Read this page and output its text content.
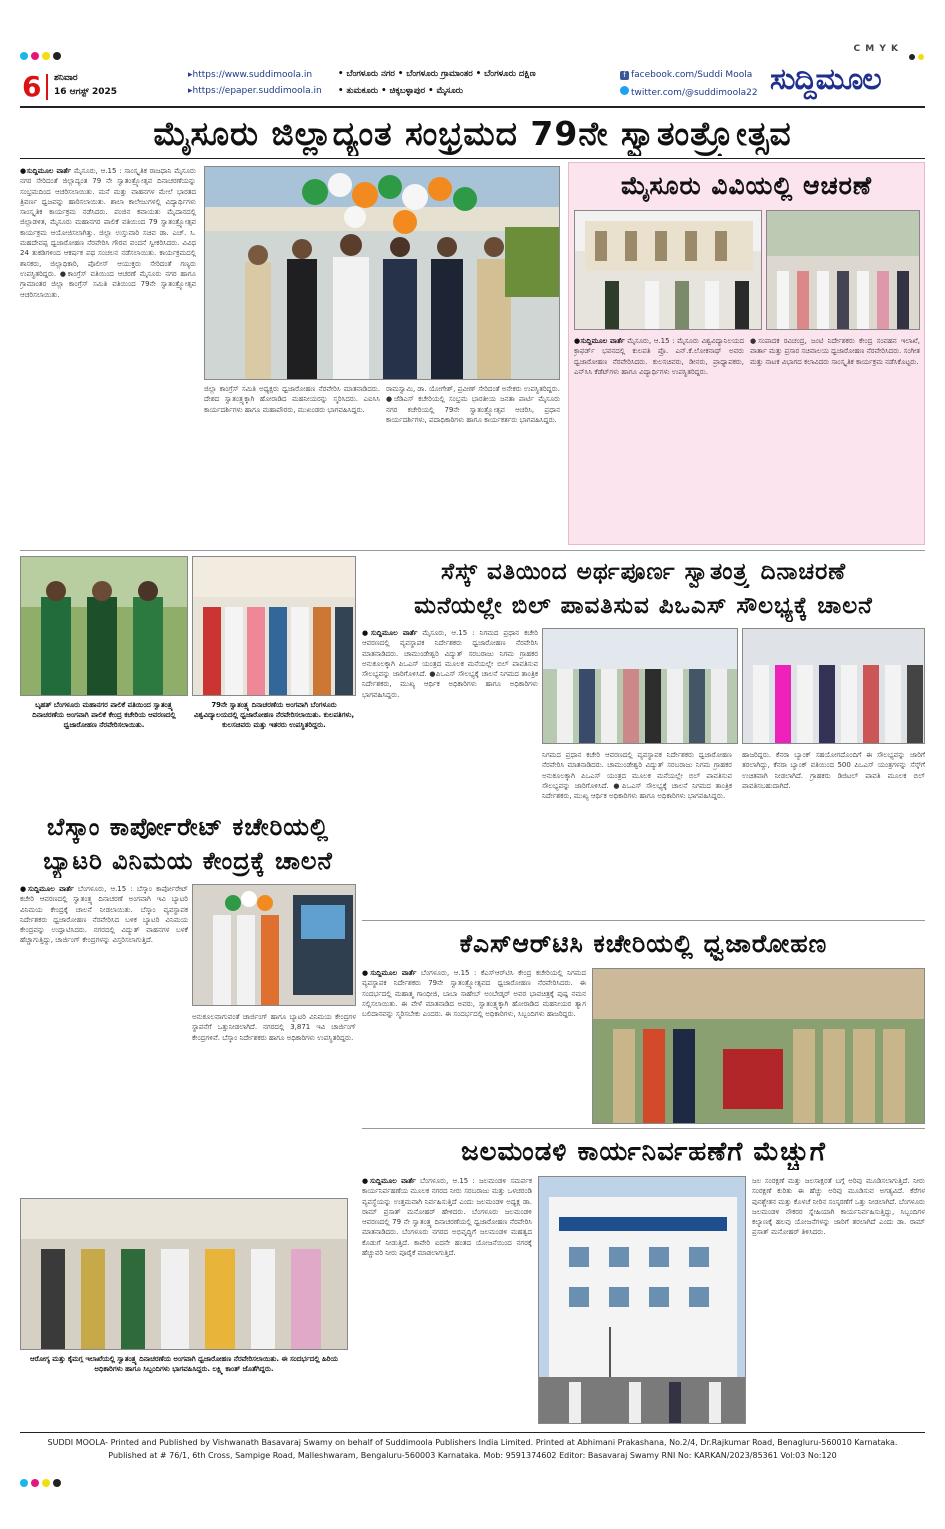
C M Y K
6 ಶನಿವಾರ
16 ಆಗಸ್ಟ್ 2025
▸https://www.suddimoola.in
▸https://epaper.suddimoola.in
• ಬೆಂಗಳೂರು ನಗರ • ಬೆಂಗಳೂರು ಗ್ರಾಮಾಂತರ • ಬೆಂಗಳೂರು ದಕ್ಷಿಣ
• ತುಮಕೂರು • ಚಿಕ್ಕಬಳ್ಳಾಪುರ • ಮೈಸೂರು
f facebook.com/Suddi Moola
twitter.com/@suddimoola22 ಸುದ್ದಿಮೂಲ
ಮೈಸೂರು ಜಿಲ್ಲಾದ್ಯಂತ ಸಂಭ್ರಮದ 79ನೇ ಸ್ವಾತಂತ್ರ್ಯೋತ್ಸವ
●ಸುದ್ದಿಮೂಲ ವಾರ್ತೆ ಮೈಸೂರು, ಆ.15 : ಸಾಂಸ್ಕೃತಿಕ ರಾಜಧಾನಿ ಮೈಸೂರು ನಗರ ಸೇರಿದಂತೆ ಜಿಲ್ಲಾದ್ಯಂತ 79 ನೇ ಸ್ವಾತಂತ್ರ್ಯೋತ್ಸವ ದಿನಾಚರಣೆಯನ್ನು ಸಂಭ್ರಮದಿಂದ ಆಚರಿಸಲಾಯಿತು. ಮನೆ ಮತ್ತು ವಾಹನಗಳ ಮೇಲೆ ಭಾರತದ ತ್ರಿವರ್ಣ ಧ್ವಜವನ್ನು ಹಾರಿಸಲಾಯಿತು. ಶಾಲಾ ಕಾಲೇಜುಗಳಲ್ಲಿ ವಿದ್ಯಾರ್ಥಿಗಳು ಸಾಂಸ್ಕೃತಿಕ ಕಾರ್ಯಕ್ರಮ ನಡೆಸಿದರು. ಪಂಜಿನ ಕವಾಯತು ಮೈದಾನದಲ್ಲಿ ಜಿಲ್ಲಾಡಳಿತ, ಮೈಸೂರು ಮಹಾನಗರ ಪಾಲಿಕೆ ವತಿಯಿಂದ 79 ಸ್ವಾತಂತ್ರ್ಯೋತ್ಸವ ಕಾರ್ಯಕ್ರಮ ಆಯೋಜಿಸಲಾಗಿತ್ತು. ಜಿಲ್ಲಾ ಉಸ್ತುವಾರಿ ಸಚಿವ ಡಾ. ಎಚ್. ಸಿ. ಮಹದೇವಪ್ಪ ಧ್ವಜಾರೋಹಣ ನೆರವೇರಿಸಿ ಗೌರವ ವಂದನೆ ಸ್ವೀಕರಿಸಿದರು. ವಿವಿಧ 24 ತುಕಡಿಗಳಿಂದ ಆಕರ್ಷಕ ಪಥ ಸಂಚಲನ ನಡೆಸಲಾಯಿತು. ಕಾರ್ಯಕ್ರಮದಲ್ಲಿ ಶಾಸಕರು, ಜಿಲ್ಲಾಧಿಕಾರಿ, ಪೊಲೀಸ್ ಆಯುಕ್ತರು ಸೇರಿದಂತೆ ಗಣ್ಯರು ಉಪಸ್ಥಿತರಿದ್ದರು. ●ಕಾಂಗ್ರೆಸ್ ವತಿಯಿಂದ ಆಚರಣೆ ಮೈಸೂರು ನಗರ ಹಾಗೂ ಗ್ರಾಮಾಂತರ ಜಿಲ್ಲಾ ಕಾಂಗ್ರೆಸ್ ಸಮಿತಿ ವತಿಯಿಂದ 79ನೇ ಸ್ವಾತಂತ್ರ್ಯೋತ್ಸವ ಆಚರಿಸಲಾಯಿತು.
ಜಿಲ್ಲಾ ಕಾಂಗ್ರೆಸ್ ಸಮಿತಿ ಅಧ್ಯಕ್ಷರು ಧ್ವಜಾರೋಹಣ ನೆರವೇರಿಸಿ ಮಾತನಾಡಿದರು. ದೇಶದ ಸ್ವಾತಂತ್ರ್ಯಕ್ಕಾಗಿ ಹೋರಾಡಿದ ಮಹನೀಯರನ್ನು ಸ್ಮರಿಸಿದರು. ಎಐಸಿಸಿ ಕಾರ್ಯದರ್ಶಿಗಳು ಹಾಗೂ ಮಹಾಪೌರರು, ಮುಖಂಡರು ಭಾಗವಹಿಸಿದ್ದರು.
ರಾಮಸ್ವಾಮಿ, ಡಾ. ಯೋಗೇಶ್, ಪ್ರವೀಣ್ ಸೇರಿದಂತೆ ಅನೇಕರು ಉಪಸ್ಥಿತರಿದ್ದರು. ●ಜೆಡಿಎಸ್ ಕಚೇರಿಯಲ್ಲಿ ಸಂಭ್ರಮ ಭಾರತೀಯ ಜನತಾ ಪಾರ್ಟಿ ಮೈಸೂರು ನಗರ ಕಚೇರಿಯಲ್ಲಿ 79ನೇ ಸ್ವಾತಂತ್ರ್ಯೋತ್ಸವ ಆಚರಿಸಿ, ಪ್ರಧಾನ ಕಾರ್ಯದರ್ಶಿಗಳು, ಪದಾಧಿಕಾರಿಗಳು ಹಾಗೂ ಕಾರ್ಯಕರ್ತರು ಭಾಗವಹಿಸಿದ್ದರು.
ಮೈಸೂರು ವಿವಿಯಲ್ಲಿ ಆಚರಣೆ
●ಸುದ್ದಿಮೂಲ ವಾರ್ತೆ ಮೈಸೂರು, ಆ.15 : ಮೈಸೂರು ವಿಶ್ವವಿದ್ಯಾನಿಲಯದ ಕ್ರಾಫರ್ಡ್ ಭವನದಲ್ಲಿ ಕುಲಪತಿ ಪ್ರೊ. ಎನ್.ಕೆ.ಲೋಕನಾಥ್ ಅವರು ಧ್ವಜಾರೋಹಣ ನೆರವೇರಿಸಿದರು. ಕುಲಸಚಿವರು, ಡೀನರು, ಪ್ರಾಧ್ಯಾಪಕರು, ಎನ್‌ಸಿಸಿ ಕೆಡೆಟ್‌ಗಳು ಹಾಗೂ ವಿದ್ಯಾರ್ಥಿಗಳು ಉಪಸ್ಥಿತರಿದ್ದರು.
●ಸಂಪಾದಕ ರವಿಚಂದ್ರ, ಜಂಟಿ ನಿರ್ದೇಶಕರು ಕೇಂದ್ರ ಸಂವಹನ ಇಲಾಖೆ, ವಾರ್ತಾ ಮತ್ತು ಪ್ರಸಾರ ಸಚಿವಾಲಯ ಧ್ವಜಾರೋಹಣ ನೆರವೇರಿಸಿದರು. ಸಂಗೀತ ಮತ್ತು ನಾಟಕ ವಿಭಾಗದ ಕಲಾವಿದರು ಸಾಂಸ್ಕೃತಿಕ ಕಾರ್ಯಕ್ರಮ ನಡೆಸಿಕೊಟ್ಟರು.
ಬೃಹತ್ ಬೆಂಗಳೂರು ಮಹಾನಗರ ಪಾಲಿಕೆ ವತಿಯಿಂದ ಸ್ವಾತಂತ್ರ್ಯ ದಿನಾಚರಣೆಯ ಅಂಗವಾಗಿ ಪಾಲಿಕೆ ಕೇಂದ್ರ ಕಚೇರಿಯ ಆವರಣದಲ್ಲಿ ಧ್ವಜಾರೋಹಣ ನೆರವೇರಿಸಲಾಯಿತು.
79ನೇ ಸ್ವಾತಂತ್ರ್ಯ ದಿನಾಚರಣೆಯ ಅಂಗವಾಗಿ ಬೆಂಗಳೂರು ವಿಶ್ವವಿದ್ಯಾಲಯದಲ್ಲಿ ಧ್ವಜಾರೋಹಣ ನೆರವೇರಿಸಲಾಯಿತು. ಕುಲಪತಿಗಳು, ಕುಲಸಚಿವರು ಮತ್ತು ಇತರರು ಉಪಸ್ಥಿತರಿದ್ದರು.
ಸೆಸ್ಕ್ ವತಿಯಿಂದ ಅರ್ಥಪೂರ್ಣ ಸ್ವಾತಂತ್ರ್ಯ ದಿನಾಚರಣೆ
ಮನೆಯಲ್ಲೇ ಬಿಲ್ ಪಾವತಿಸುವ ಪಿಒಎಸ್ ಸೌಲಭ್ಯಕ್ಕೆ ಚಾಲನೆ
●ಸುದ್ದಿಮೂಲ ವಾರ್ತೆ ಮೈಸೂರು, ಆ.15 : ನಿಗಮದ ಪ್ರಧಾನ ಕಚೇರಿ ಆವರಣದಲ್ಲಿ ವ್ಯವಸ್ಥಾಪಕ ನಿರ್ದೇಶಕರು ಧ್ವಜಾರೋಹಣ ನೆರವೇರಿಸಿ ಮಾತನಾಡಿದರು. ಚಾಮುಂಡೇಶ್ವರಿ ವಿದ್ಯುತ್ ಸರಬರಾಜು ನಿಗಮ ಗ್ರಾಹಕರ ಅನುಕೂಲಕ್ಕಾಗಿ ಪಿಒಎಸ್ ಯಂತ್ರದ ಮೂಲಕ ಮನೆಯಲ್ಲೇ ಬಿಲ್ ಪಾವತಿಸುವ ಸೌಲಭ್ಯವನ್ನು ಜಾರಿಗೊಳಿಸಿದೆ. ●ಪಿಒಎಸ್ ಸೌಲಭ್ಯಕ್ಕೆ ಚಾಲನೆ ನಿಗಮದ ತಾಂತ್ರಿಕ ನಿರ್ದೇಶಕರು, ಮುಖ್ಯ ಆರ್ಥಿಕ ಅಧಿಕಾರಿಗಳು ಹಾಗೂ ಅಧಿಕಾರಿಗಳು ಭಾಗವಹಿಸಿದ್ದರು.
ನಿಗಮದ ಪ್ರಧಾನ ಕಚೇರಿ ಆವರಣದಲ್ಲಿ ವ್ಯವಸ್ಥಾಪಕ ನಿರ್ದೇಶಕರು ಧ್ವಜಾರೋಹಣ ನೆರವೇರಿಸಿ ಮಾತನಾಡಿದರು. ಚಾಮುಂಡೇಶ್ವರಿ ವಿದ್ಯುತ್ ಸರಬರಾಜು ನಿಗಮ ಗ್ರಾಹಕರ ಅನುಕೂಲಕ್ಕಾಗಿ ಪಿಒಎಸ್ ಯಂತ್ರದ ಮೂಲಕ ಮನೆಯಲ್ಲೇ ಬಿಲ್ ಪಾವತಿಸುವ ಸೌಲಭ್ಯವನ್ನು ಜಾರಿಗೊಳಿಸಿದೆ. ●ಪಿಒಎಸ್ ಸೌಲಭ್ಯಕ್ಕೆ ಚಾಲನೆ ನಿಗಮದ ತಾಂತ್ರಿಕ ನಿರ್ದೇಶಕರು, ಮುಖ್ಯ ಆರ್ಥಿಕ ಅಧಿಕಾರಿಗಳು ಹಾಗೂ ಅಧಿಕಾರಿಗಳು ಭಾಗವಹಿಸಿದ್ದರು.
ಹಾಜರಿದ್ದರು. ಕೆನರಾ ಬ್ಯಾಂಕ್ ಸಹಯೋಗದೊಂದಿಗೆ ಈ ಸೌಲಭ್ಯವನ್ನು ಜಾರಿಗೆ ತರಲಾಗಿದ್ದು, ಕೆನರಾ ಬ್ಯಾಂಕ್ ವತಿಯಿಂದ 500 ಪಿಒಎಸ್ ಯಂತ್ರಗಳನ್ನು ಸೆಸ್ಕ್‌ಗೆ ಉಚಿತವಾಗಿ ನೀಡಲಾಗಿದೆ. ಗ್ರಾಹಕರು ಡಿಜಿಟಲ್ ಪಾವತಿ ಮೂಲಕ ಬಿಲ್ ಪಾವತಿಸಬಹುದಾಗಿದೆ.
ಬೆಸ್ಕಾಂ ಕಾರ್ಪೋರೇಟ್ ಕಚೇರಿಯಲ್ಲಿ
ಬ್ಯಾಟರಿ ವಿನಿಮಯ ಕೇಂದ್ರಕ್ಕೆ ಚಾಲನೆ
●ಸುದ್ದಿಮೂಲ ವಾರ್ತೆ ಬೆಂಗಳೂರು, ಆ.15 : ಬೆಸ್ಕಾಂ ಕಾರ್ಪೋರೇಟ್ ಕಚೇರಿ ಆವರಣದಲ್ಲಿ ಸ್ವಾತಂತ್ರ್ಯ ದಿನಾಚರಣೆ ಅಂಗವಾಗಿ ಇವಿ ಬ್ಯಾಟರಿ ವಿನಿಮಯ ಕೇಂದ್ರಕ್ಕೆ ಚಾಲನೆ ನೀಡಲಾಯಿತು. ಬೆಸ್ಕಾಂ ವ್ಯವಸ್ಥಾಪಕ ನಿರ್ದೇಶಕರು ಧ್ವಜಾರೋಹಣ ನೆರವೇರಿಸಿದ ಬಳಿಕ ಬ್ಯಾಟರಿ ವಿನಿಮಯ ಕೇಂದ್ರವನ್ನು ಉದ್ಘಾಟಿಸಿದರು. ನಗರದಲ್ಲಿ ವಿದ್ಯುತ್ ವಾಹನಗಳ ಬಳಕೆ ಹೆಚ್ಚಾಗುತ್ತಿದ್ದು, ಚಾರ್ಜಿಂಗ್ ಕೇಂದ್ರಗಳನ್ನು ವಿಸ್ತರಿಸಲಾಗುತ್ತಿದೆ.
ಅನುಕೂಲವಾಗುವಂತೆ ಚಾರ್ಜಿಂಗ್ ಹಾಗೂ ಬ್ಯಾಟರಿ ವಿನಿಮಯ ಕೇಂದ್ರಗಳ ಸ್ಥಾಪನೆಗೆ ಒತ್ತುನೀಡಲಾಗಿದೆ. ನಗರದಲ್ಲಿ 3,871 ಇವಿ ಚಾರ್ಜಿಂಗ್ ಕೇಂದ್ರಗಳಿವೆ. ಬೆಸ್ಕಾಂ ನಿರ್ದೇಶಕರು ಹಾಗೂ ಅಧಿಕಾರಿಗಳು ಉಪಸ್ಥಿತರಿದ್ದರು.
ಕೆಎಸ್‌ಆರ್‌ಟಿಸಿ ಕಚೇರಿಯಲ್ಲಿ ಧ್ವಜಾರೋಹಣ
●ಸುದ್ದಿಮೂಲ ವಾರ್ತೆ ಬೆಂಗಳೂರು, ಆ.15 : ಕೆಎಸ್‌ಆರ್‌ಟಿಸಿ ಕೇಂದ್ರ ಕಚೇರಿಯಲ್ಲಿ ನಿಗಮದ ವ್ಯವಸ್ಥಾಪಕ ನಿರ್ದೇಶಕರು 79ನೇ ಸ್ವಾತಂತ್ರ್ಯೋತ್ಸವದ ಧ್ವಜಾರೋಹಣ ನೆರವೇರಿಸಿದರು. ಈ ಸಂದರ್ಭದಲ್ಲಿ ಮಹಾತ್ಮ ಗಾಂಧೀಜಿ, ಬಾಬಾ ಸಾಹೇಬ್ ಅಂಬೇಡ್ಕರ್ ಅವರ ಭಾವಚಿತ್ರಕ್ಕೆ ಪುಷ್ಪ ನಮನ ಸಲ್ಲಿಸಲಾಯಿತು. ಈ ವೇಳೆ ಮಾತನಾಡಿದ ಅವರು, ಸ್ವಾತಂತ್ರ್ಯಕ್ಕಾಗಿ ಹೋರಾಡಿದ ಮಹನೀಯರ ತ್ಯಾಗ ಬಲಿದಾನವನ್ನು ಸ್ಮರಿಸಬೇಕು ಎಂದರು. ಈ ಸಂದರ್ಭದಲ್ಲಿ ಅಧಿಕಾರಿಗಳು, ಸಿಬ್ಬಂದಿಗಳು ಹಾಜರಿದ್ದರು.
ಜಲಮಂಡಳಿ ಕಾರ್ಯನಿರ್ವಹಣೆಗೆ ಮೆಚ್ಚುಗೆ
●ಸುದ್ದಿಮೂಲ ವಾರ್ತೆ ಬೆಂಗಳೂರು, ಆ.15 : ಜಲಮಂಡಳಿ ಸಮರ್ಪಕ ಕಾರ್ಯನಿರ್ವಹಣೆಯ ಮೂಲಕ ನಗರದ ನೀರು ಸರಬರಾಜು ಮತ್ತು ಒಳಚರಂಡಿ ವ್ಯವಸ್ಥೆಯನ್ನು ಉತ್ತಮವಾಗಿ ನಿರ್ವಹಿಸುತ್ತಿದೆ ಎಂದು ಜಲಮಂಡಳಿ ಅಧ್ಯಕ್ಷ ಡಾ. ರಾಮ್ ಪ್ರಸಾತ್ ಮನೋಹರ್ ಹೇಳಿದರು. ಬೆಂಗಳೂರು ಜಲಮಂಡಳಿ ಆವರಣದಲ್ಲಿ 79 ನೇ ಸ್ವಾತಂತ್ರ್ಯ ದಿನಾಚರಣೆಯಲ್ಲಿ ಧ್ವಜಾರೋಹಣ ನೆರವೇರಿಸಿ ಮಾತನಾಡಿದರು. ಬೆಂಗಳೂರು ನಗರದ ಅಭಿವೃದ್ಧಿಗೆ ಜಲಮಂಡಳಿ ಮಹತ್ವದ ಕೊಡುಗೆ ನೀಡುತ್ತಿದೆ. ಕಾವೇರಿ ಐದನೇ ಹಂತದ ಯೋಜನೆಯಿಂದ ನಗರಕ್ಕೆ ಹೆಚ್ಚುವರಿ ನೀರು ಪೂರೈಕೆ ಮಾಡಲಾಗುತ್ತಿದೆ.
ಜಲ ಸಂರಕ್ಷಣೆ ಮತ್ತು ಜಲಸಾಕ್ಷರತೆ ಬಗ್ಗೆ ಅರಿವು ಮೂಡಿಸಲಾಗುತ್ತಿದೆ. ನೀರು ಸಂರಕ್ಷಣೆ ಕುರಿತು ಈ ಹೆಚ್ಚು ಅರಿವು ಮೂಡಿಸುವ ಅಗತ್ಯವಿದೆ. ಕೆರೆಗಳ ಪುನಶ್ಚೇತನ ಮತ್ತು ಕೊಳಚೆ ನೀರಿನ ಸಂಸ್ಕರಣೆಗೆ ಒತ್ತು ನೀಡಲಾಗಿದೆ. ಬೆಂಗಳೂರು ಜಲಮಂಡಳಿ ನೌಕರರ ಸ್ನೇಹಿಯಾಗಿ ಕಾರ್ಯನಿರ್ವಹಿಸುತ್ತಿದ್ದು, ಸಿಬ್ಬಂದಿಗಳ ಕಲ್ಯಾಣಕ್ಕೆ ಹಲವು ಯೋಜನೆಗಳನ್ನು ಜಾರಿಗೆ ತರಲಾಗಿದೆ ಎಂದು ಡಾ. ರಾಮ್ ಪ್ರಸಾತ್ ಮನೋಹರ್ ತಿಳಿಸಿದರು.
ಆರೋಗ್ಯ ಮತ್ತು ಕೈಮಗ್ಗ ಇಲಾಖೆಯಲ್ಲಿ ಸ್ವಾತಂತ್ರ್ಯ ದಿನಾಚರಣೆಯ ಅಂಗವಾಗಿ ಧ್ವಜಾರೋಹಣ ನೆರವೇರಿಸಲಾಯಿತು. ಈ ಸಂದರ್ಭದಲ್ಲಿ ಹಿರಿಯ ಅಧಿಕಾರಿಗಳು ಹಾಗೂ ಸಿಬ್ಬಂದಿಗಳು ಭಾಗವಹಿಸಿದ್ದರು. ಲಕ್ಷ್ಮಿ ಕಾಂತ್ ಜೊತೆಗಿದ್ದರು.
SUDDI MOOLA- Printed and Published by Vishwanath Basavaraj Swamy on behalf of Suddimoola Publishers India Limited. Printed at Abhimani Prakashana, No.2/4, Dr.Rajkumar Road, Benagluru-560010 Karnataka.
Published at # 76/1, 6th Cross, Sampige Road, Malleshwaram, Bengaluru-560003 Karnataka. Mob: 9591374602 Editor: Basavaraj Swamy RNI No: KARKAN/2023/85361 Vol:03 No:120
